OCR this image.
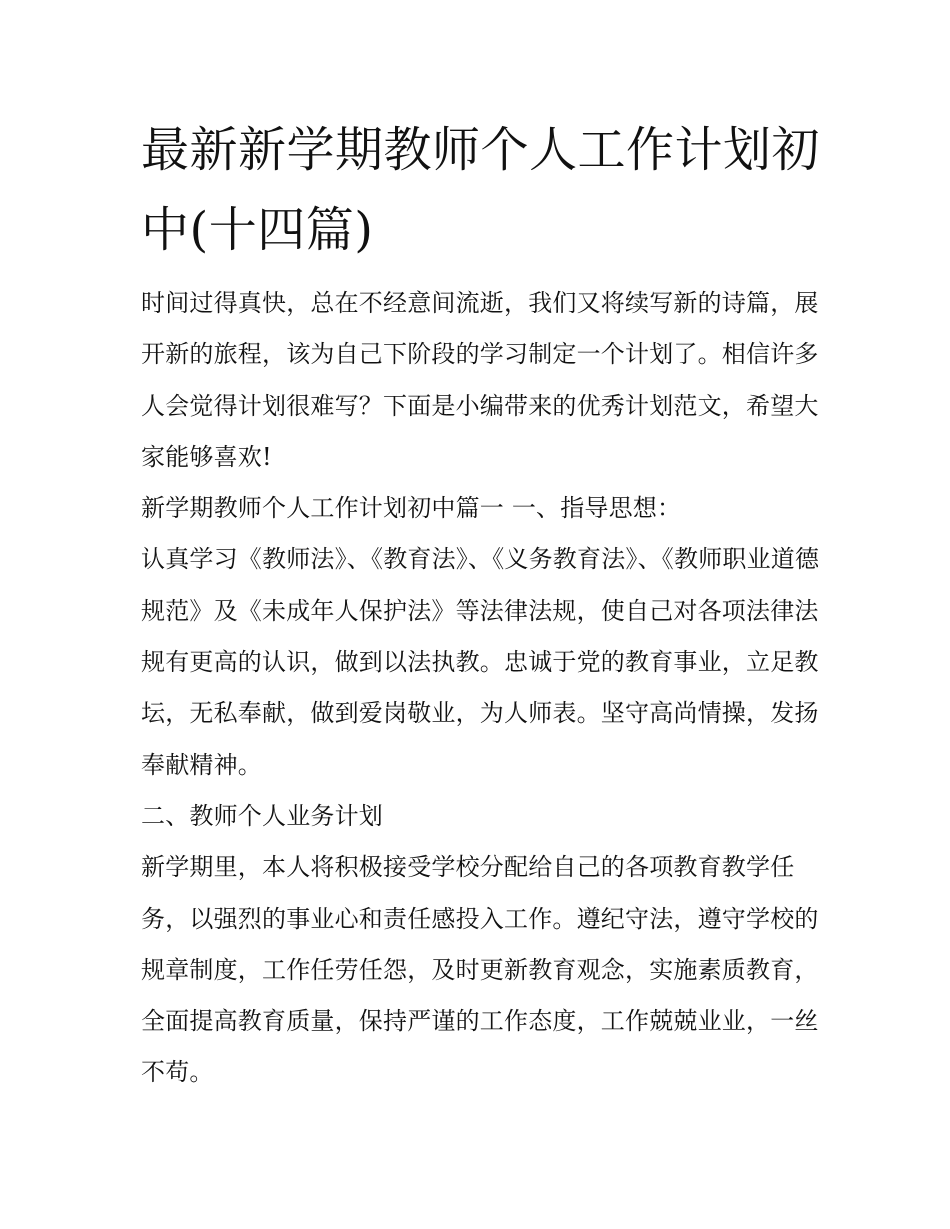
最新新学期教师个人工作计划初中(十四篇)

时间过得真快，总在不经意间流逝，我们又将续写新的诗篇，展开新的旅程，该为自己下阶段的学习制定一个计划了。相信许多人会觉得计划很难写？下面是小编带来的优秀计划范文，希望大家能够喜欢!

新学期教师个人工作计划初中篇一 一、指导思想：

认真学习《教师法》、《教育法》、《义务教育法》、《教师职业道德规范》及《未成年人保护法》等法律法规，使自己对各项法律法规有更高的认识，做到以法执教。忠诚于党的教育事业，立足教坛，无私奉献，做到爱岗敬业，为人师表。坚守高尚情操，发扬奉献精神。

二、教师个人业务计划

新学期里，本人将积极接受学校分配给自己的各项教育教学任务，以强烈的事业心和责任感投入工作。遵纪守法，遵守学校的规章制度，工作任劳任怨，及时更新教育观念，实施素质教育，全面提高教育质量，保持严谨的工作态度，工作兢兢业业，一丝不苟。
